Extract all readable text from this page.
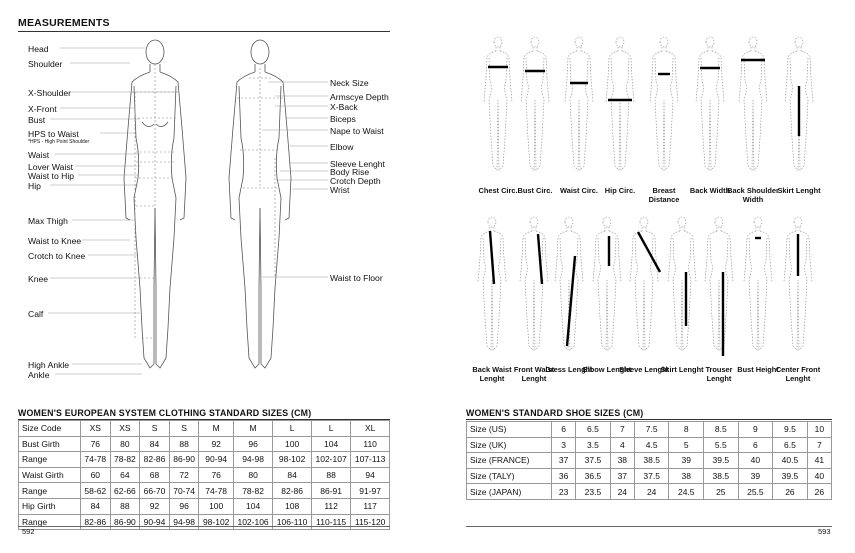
MEASUREMENTS
Head
Shoulder
X-Shoulder
X-Front
Bust
HPS to Waist
*HPS - High Point Shoulder
Waist
Lover Waist
Waist to Hip
Hip
Max Thigh
Waist to Knee
Crotch to Knee
Knee
Calf
High Ankle
Ankle
Neck Size
Armscye Depth
X-Back
Biceps
Nape to Waist
Elbow
Sleeve Lenght
Body Rise
Crotch Depth
Wrist
Waist to Floor
WOMEN'S EUROPEAN SYSTEM CLOTHING STANDARD SIZES (CM)
Size Code	XS	XS	S	S	M	M	L	L	XL
Bust Girth	76	80	84	88	92	96	100	104	110
Range	74-78	78-82	82-86	86-90	90-94	94-98	98-102	102-107	107-113
Waist Girth	60	64	68	72	76	80	84	88	94
Range	58-62	62-66	66-70	70-74	74-78	78-82	82-86	86-91	91-97
Hip Girth	84	88	92	96	100	104	108	112	117
Range	82-86	86-90	90-94	94-98	98-102	102-106	106-110	110-115	115-120
592
Chest Circ. Bust Circ.	Waist Circ. Hip Circ.	Breast Distance
Back Width
Back Shoulder Width
Skirt Lenght
Back Waist Lenght
Front Waist Lenght
Dress Lenght
Elbow Lenght
Sleeve Lenght
Skirt Lenght Trouser Lenght
Bust Height
Center Front Lenght
WOMEN'S STANDARD SHOE SIZES (CM)
Size (US)	6	6.5	7	7.5	8	8.5	9	9.5	10
Size (UK)	3	3.5	4	4.5	5	5.5	6	6.5	7
Size (FRANCE)	37	37.5	38	38.5	39	39.5	40	40.5	41
Size (TALY)	36	36.5	37	37.5	38	38.5	39	39.5	40
Size (JAPAN)	23	23.5	24	24	24.5	25	25.5	26	26
593
